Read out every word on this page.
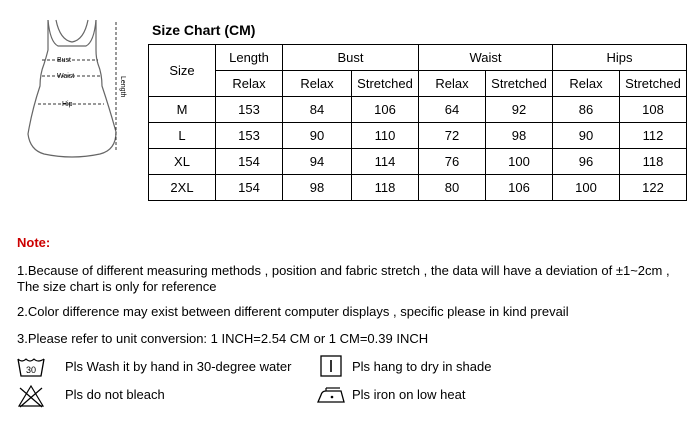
Bust
Waist
Hip
Length
Size Chart (CM)
Size	Length	Bust		Waist		Hips	
	Relax	Relax	Stretched	Relax	Stretched	Relax	Stretched
M	153	84	106	64	92	86	108
L	153	90	110	72	98	90	112
XL	154	94	114	76	100	96	118
2XL	154	98	118	80	106	100	122
Note:
1.Because of different measuring methods , position and fabric stretch , the data will have a deviation of ±1~2cm ,
The size chart is only for reference
2.Color difference may exist between different computer displays , specific please in kind prevail
3.Please refer to unit conversion: 1 INCH=2.54 CM or 1 CM=0.39 INCH
30 Pls Wash it by hand in 30-degree water	Pls hang to dry in shade
Pls do not bleach	Pls iron on low heat
